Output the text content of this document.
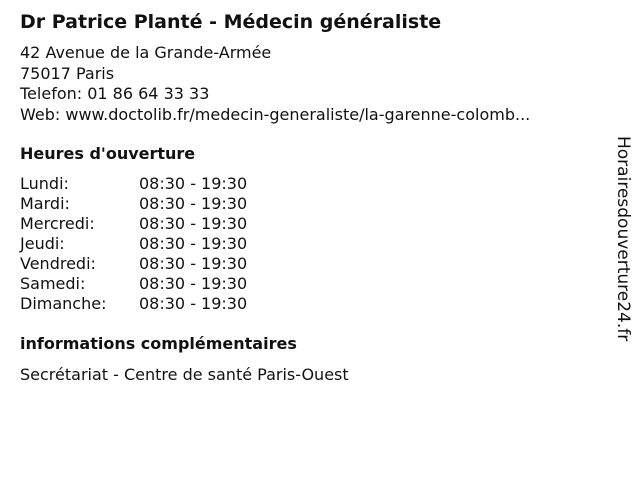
Dr Patrice Planté - Médecin généraliste
42 Avenue de la Grande-Armée
75017 Paris
Telefon: 01 86 64 33 33
Web: www.doctolib.fr/medecin-generaliste/la-garenne-colomb...
Heures d'ouverture
Lundi:	08:30 - 19:30
Mardi:	08:30 - 19:30
Mercredi:	08:30 - 19:30
Jeudi:	08:30 - 19:30
Vendredi:	08:30 - 19:30
Samedi:	08:30 - 19:30
Dimanche: 08:30 - 19:30
informations complémentaires
Secrétariat - Centre de santé Paris-Ouest
Horairesdouverture24.fr
